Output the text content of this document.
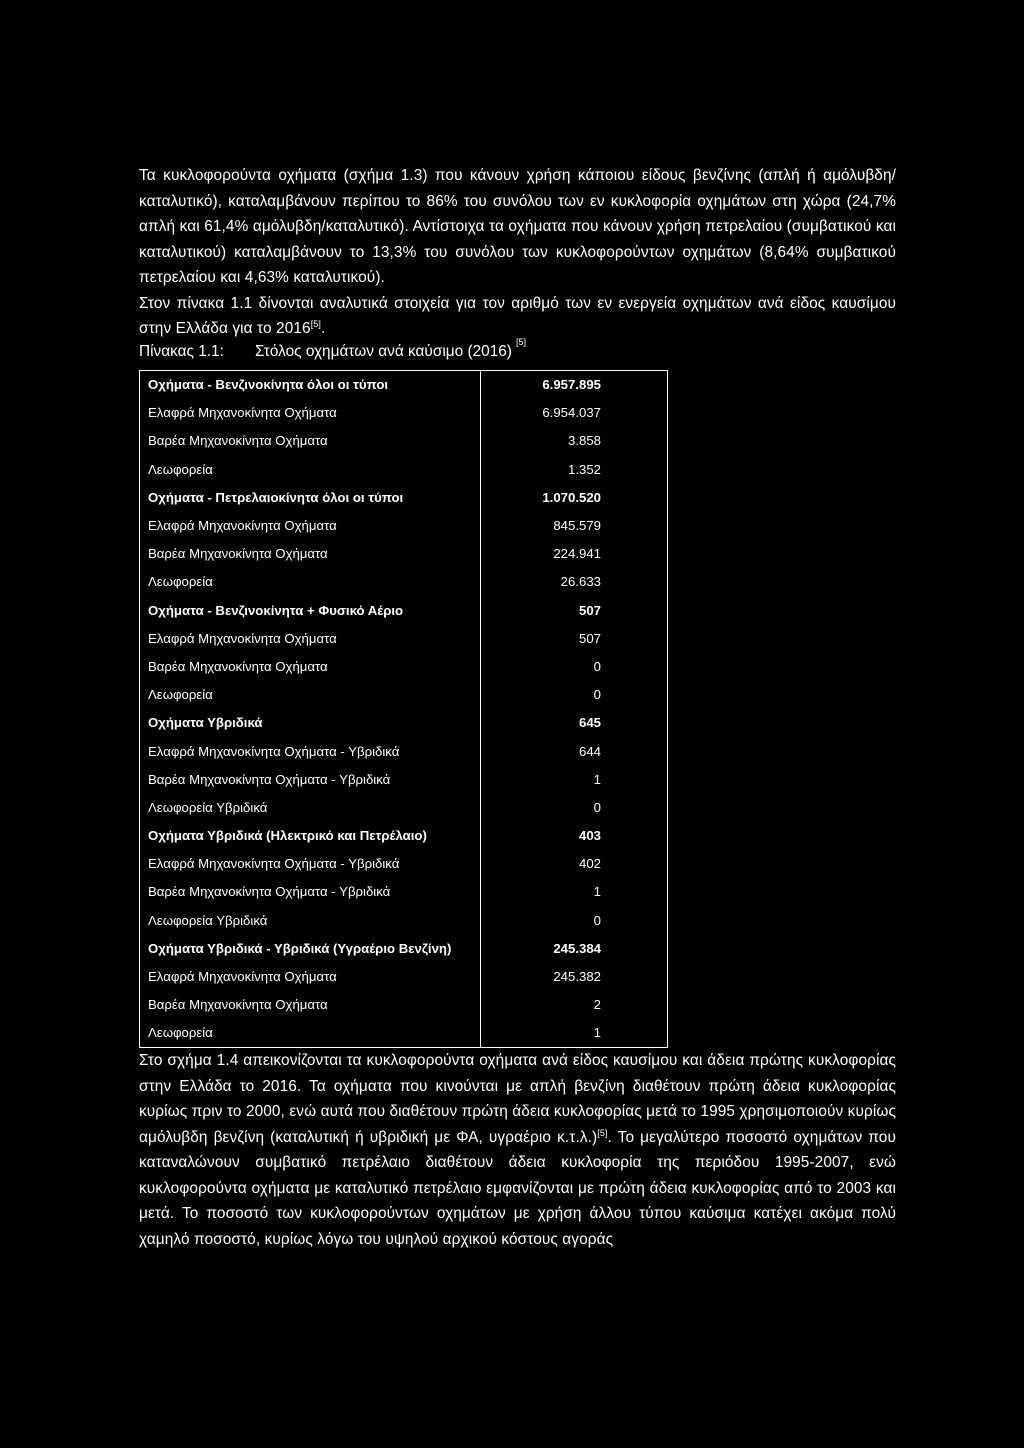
Τα κυκλοφορούντα οχήματα (σχήμα 1.3) που κάνουν χρήση κάποιου είδους βενζίνης (απλή ή αμόλυβδη/καταλυτικό), καταλαμβάνουν περίπου το 86% του συνόλου των εν κυκλοφορία οχημάτων στη χώρα (24,7% απλή και 61,4% αμόλυβδη/καταλυτικό). Αντίστοιχα τα οχήματα που κάνουν χρήση πετρελαίου (συμβατικού και καταλυτικού) καταλαμβάνουν το 13,3% του συνόλου των κυκλοφορούντων οχημάτων (8,64% συμβατικού πετρελαίου και 4,63% καταλυτικού).

Στον πίνακα 1.1 δίνονται αναλυτικά στοιχεία για τον αριθμό των εν ενεργεία οχημάτων ανά είδος καυσίμου στην Ελλάδα για το 2016[5].

Πίνακας 1.1:	Στόλος οχημάτων ανά καύσιμο (2016)
[5]
Οχήματα - Βενζινοκίνητα όλοι οι τύποι	6.957.895
Ελαφρά Μηχανοκίνητα Οχήματα	6.954.037
Βαρέα Μηχανοκίνητα Οχήματα	3.858
Λεωφορεία	1.352
Οχήματα - Πετρελαιοκίνητα όλοι οι τύποι	1.070.520
Ελαφρά Μηχανοκίνητα Οχήματα	845.579
Βαρέα Μηχανοκίνητα Οχήματα	224.941
Λεωφορεία	26.633
Οχήματα - Βενζινοκίνητα + Φυσικό Αέριο	507
Ελαφρά Μηχανοκίνητα Οχήματα	507
Βαρέα Μηχανοκίνητα Οχήματα	0
Λεωφορεία	0
Οχήματα Υβριδικά	645
Ελαφρά Μηχανοκίνητα Οχήματα - Υβριδικά	644
Βαρέα Μηχανοκίνητα Οχήματα - Υβριδικά	1
Λεωφορεία Υβριδικά	0
Οχήματα Υβριδικά (Ηλεκτρικό και Πετρέλαιο)	403
Ελαφρά Μηχανοκίνητα Οχήματα - Υβριδικά	402
Βαρέα Μηχανοκίνητα Οχήματα - Υβριδικά	1
Λεωφορεία Υβριδικά	0
Οχήματα Υβριδικά - Υβριδικά (Υγραέριο Βενζίνη)	245.384
Ελαφρά Μηχανοκίνητα Οχήματα	245.382
Βαρέα Μηχανοκίνητα Οχήματα	2
Λεωφορεία	1

Στο σχήμα 1.4 απεικονίζονται τα κυκλοφορούντα οχήματα ανά είδος καυσίμου και άδεια πρώτης κυκλοφορίας στην Ελλάδα το 2016. Τα οχήματα που κινούνται με απλή βενζίνη διαθέτουν πρώτη άδεια κυκλοφορίας κυρίως πριν το 2000, ενώ αυτά που διαθέτουν πρώτη άδεια κυκλοφορίας μετά το 1995 χρησιμοποιούν κυρίως αμόλυβδη βενζίνη (καταλυτική ή υβριδική με ΦΑ, υγραέριο κ.τ.λ.)[5]. Το μεγαλύτερο ποσοστό οχημάτων που καταναλώνουν συμβατικό πετρέλαιο διαθέτουν άδεια κυκλοφορία της περιόδου 1995-2007, ενώ κυκλοφορούντα οχήματα με καταλυτικό πετρέλαιο εμφανίζονται με πρώτη άδεια κυκλοφορίας από το 2003 και μετά. Το ποσοστό των κυκλοφορούντων οχημάτων με χρήση άλλου τύπου καύσιμα κατέχει ακόμα πολύ χαμηλό ποσοστό, κυρίως λόγω του υψηλού αρχικού κόστους αγοράς
